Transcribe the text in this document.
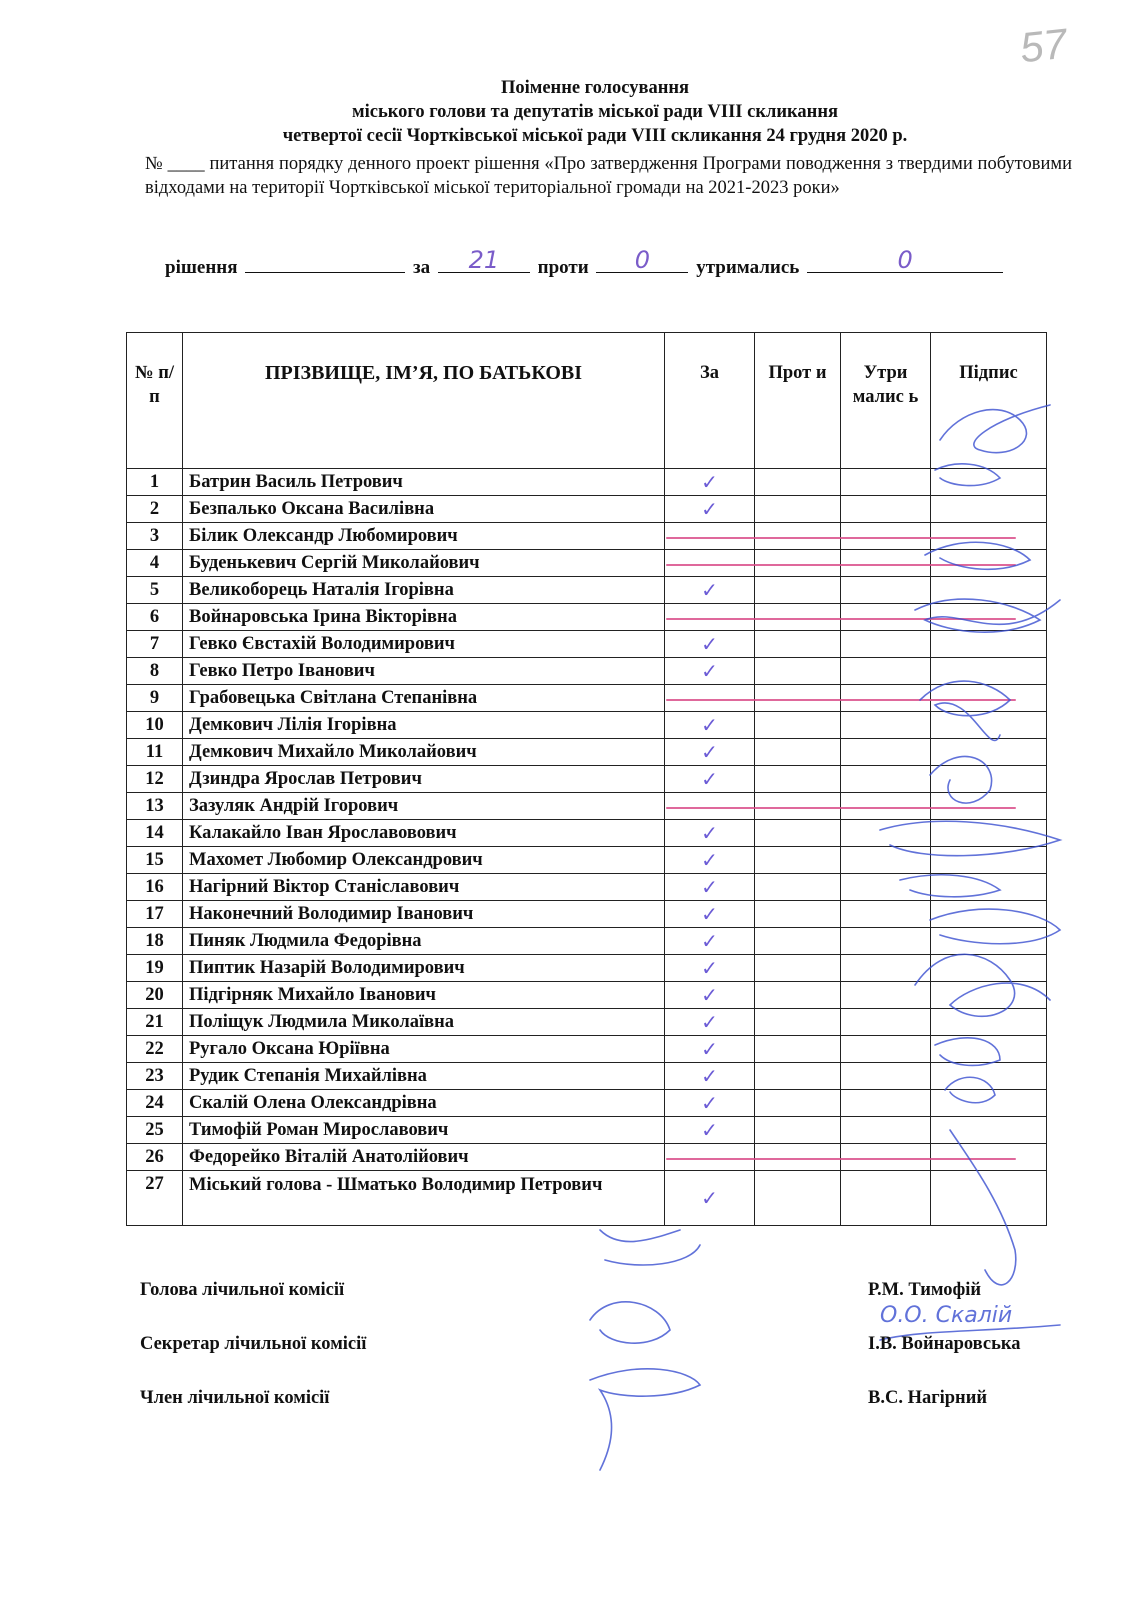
57
Поіменне голосування
міського голови та депутатів міської ради VIII скликання
четвертої сесії Чортківської міської ради VIII скликання 24 грудня 2020 р.
№ ____ питання порядку денного проект рішення «Про затвердження Програми поводження з твердими побутовими відходами на території Чортківської міської територіальної громади на 2021-2023 роки»
рішення	за	21	проти	0	утримались	0
№ п/п	ПРІЗВИЩЕ, ІМ’Я, ПО БАТЬКОВІ	За	Прот и	Утри малис ь	Підпис
1	Батрин Василь Петрович	✓			
2	Безпалько Оксана Василівна	✓			
3	Білик Олександр Любомирович				
4	Буденькевич Сергій Миколайович				
5	Великоборець Наталія Ігорівна	✓			
6	Войнаровська Ірина Вікторівна				
7	Гевко Євстахій Володимирович	✓			
8	Гевко Петро Іванович	✓			
9	Грабовецька Світлана Степанівна				
10	Демкович Лілія Ігорівна	✓			
11	Демкович Михайло Миколайович	✓			
12	Дзиндра Ярослав Петрович	✓			
13	Зазуляк Андрій Ігорович				
14	Калакайло Іван Ярославовович	✓			
15	Махомет Любомир Олександрович	✓			
16	Нагірний Віктор Станіславович	✓			
17	Наконечний Володимир Іванович	✓			
18	Пиняк Людмила Федорівна	✓			
19	Пиптик Назарій Володимирович	✓			
20	Підгірняк Михайло Іванович	✓			
21	Поліщук Людмила Миколаївна	✓			
22	Ругало Оксана Юріївна	✓			
23	Рудик Степанія Михайлівна	✓			
24	Скалій Олена Олександрівна	✓			
25	Тимофій Роман Мирославович	✓			
26	Федорейко Віталій Анатолійович				
27	Міський голова - Шматько Володимир Петрович	✓			
О.О. Скалій
Голова лічильної комісії	Р.М. Тимофій
Секретар лічильної комісії	І.В. Войнаровська
Член лічильної комісії	В.С. Нагірний
